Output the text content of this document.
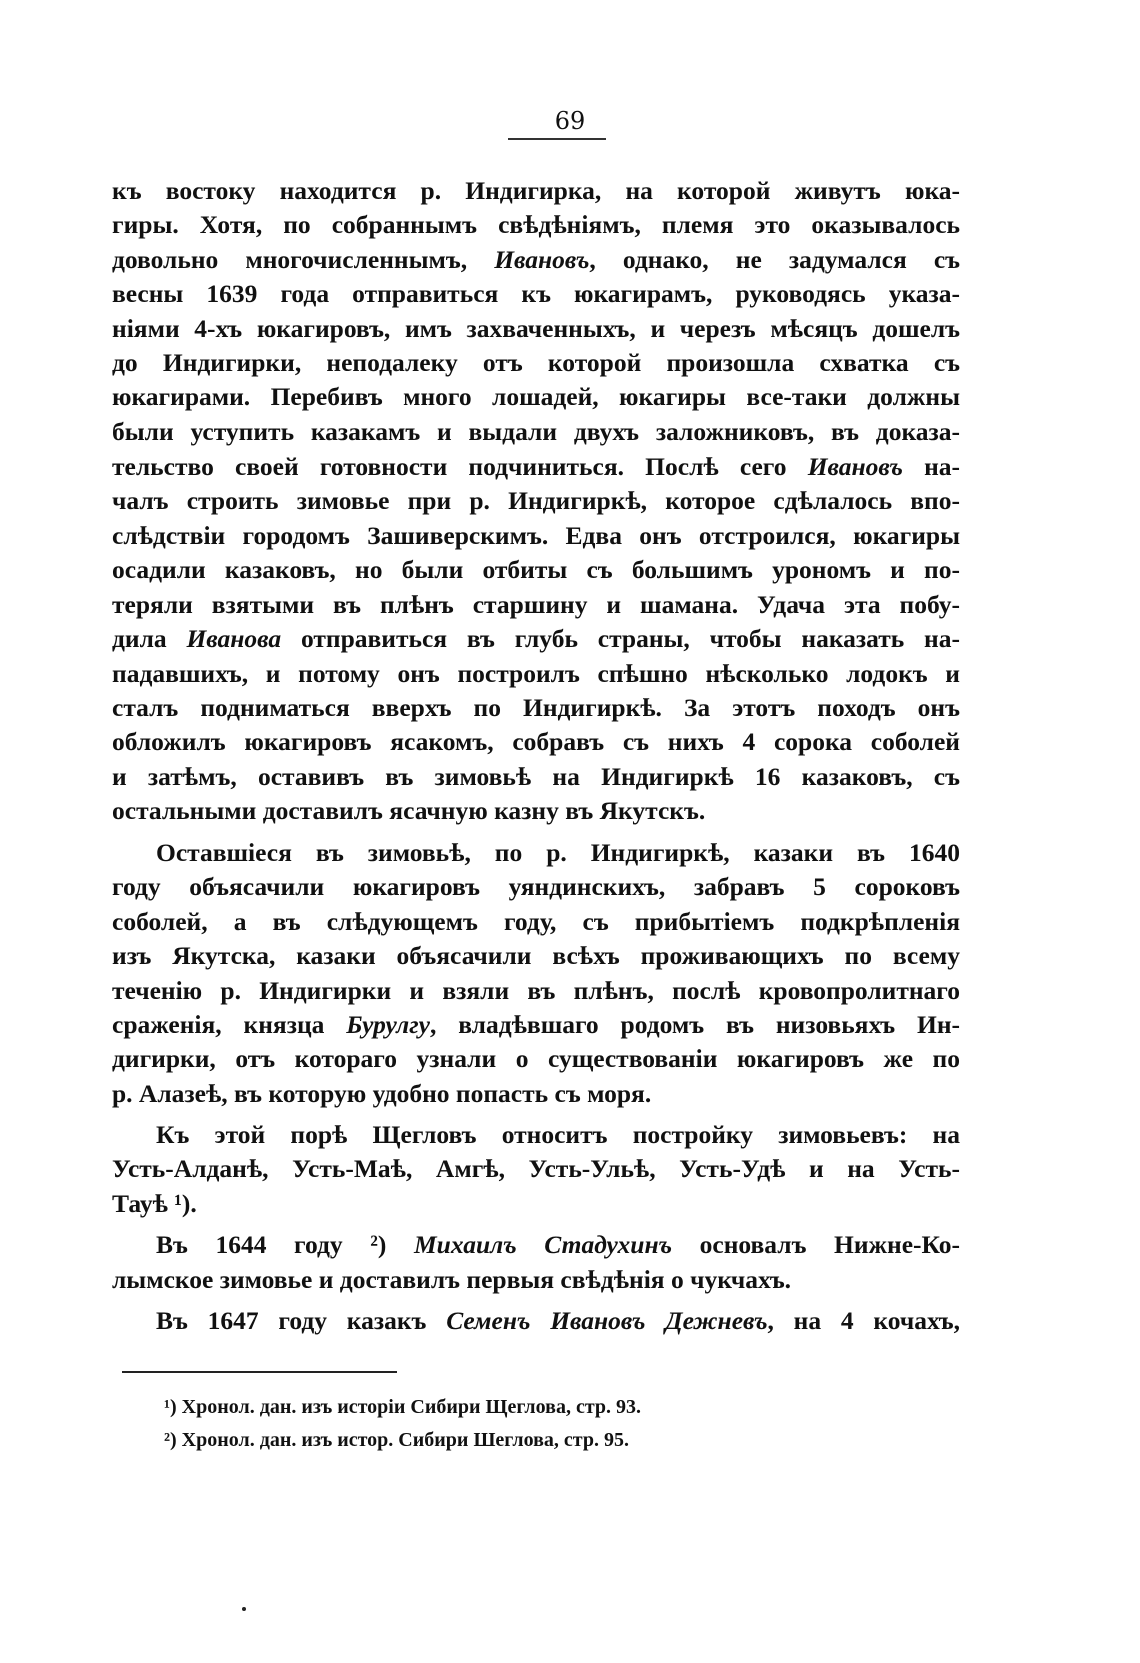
69
къ востоку находится р. Индигирка, на которой живутъ юка-
гиры. Хотя, по собраннымъ свѣдѣніямъ, племя это оказывалось
довольно многочисленнымъ, Ивановъ, однако, не задумался съ
весны 1639 года отправиться къ юкагирамъ, руководясь указа-
ніями 4-хъ юкагировъ, имъ захваченныхъ, и черезъ мѣсяцъ дошелъ
до Индигирки, неподалеку отъ которой произошла схватка съ
юкагирами. Перебивъ много лошадей, юкагиры все-таки должны
были уступить казакамъ и выдали двухъ заложниковъ, въ доказа-
тельство своей готовности подчиниться. Послѣ сего Ивановъ на-
чалъ строить зимовье при р. Индигиркѣ, которое сдѣлалось впо-
слѣдствіи городомъ Зашиверскимъ. Едва онъ отстроился, юкагиры
осадили казаковъ, но были отбиты съ большимъ урономъ и по-
теряли взятыми въ плѣнъ старшину и шамана. Удача эта побу-
дила Иванова отправиться въ глубь страны, чтобы наказать на-
падавшихъ, и потому онъ построилъ спѣшно нѣсколько лодокъ и
сталъ подниматься вверхъ по Индигиркѣ. За этотъ походъ онъ
обложилъ юкагировъ ясакомъ, собравъ съ нихъ 4 сорока соболей
и затѣмъ, оставивъ въ зимовьѣ на Индигиркѣ 16 казаковъ, съ
остальными доставилъ ясачную казну въ Якутскъ.
Оставшіеся въ зимовьѣ, по р. Индигиркѣ, казаки въ 1640
году объясачили юкагировъ уяндинскихъ, забравъ 5 сороковъ
соболей, а въ слѣдующемъ году, съ прибытіемъ подкрѣпленія
изъ Якутска, казаки объясачили всѣхъ проживающихъ по всему
теченію р. Индигирки и взяли въ плѣнъ, послѣ кровопролитнаго
сраженія, князца Бурулгу, владѣвшаго родомъ въ низовьяхъ Ин-
дигирки, отъ котораго узнали о существованіи юкагировъ же по
р. Алазеѣ, въ которую удобно попасть съ моря.
Къ этой порѣ Щегловъ относитъ постройку зимовьевъ: на
Усть-Алданѣ, Усть-Маѣ, Амгѣ, Усть-Ульѣ, Усть-Удѣ и на Усть-
Тауѣ ¹).
Въ 1644 году ²) Михаилъ Стадухинъ основалъ Нижне-Ко-
лымское зимовье и доставилъ первыя свѣдѣнія о чукчахъ.
Въ 1647 году казакъ Семенъ Ивановъ Дежневъ, на 4 кочахъ,
¹) Хронол. дан. изъ исторіи Сибири Щеглова, стр. 93.
²) Хронол. дан. изъ истор. Сибири Шеглова, стр. 95.
